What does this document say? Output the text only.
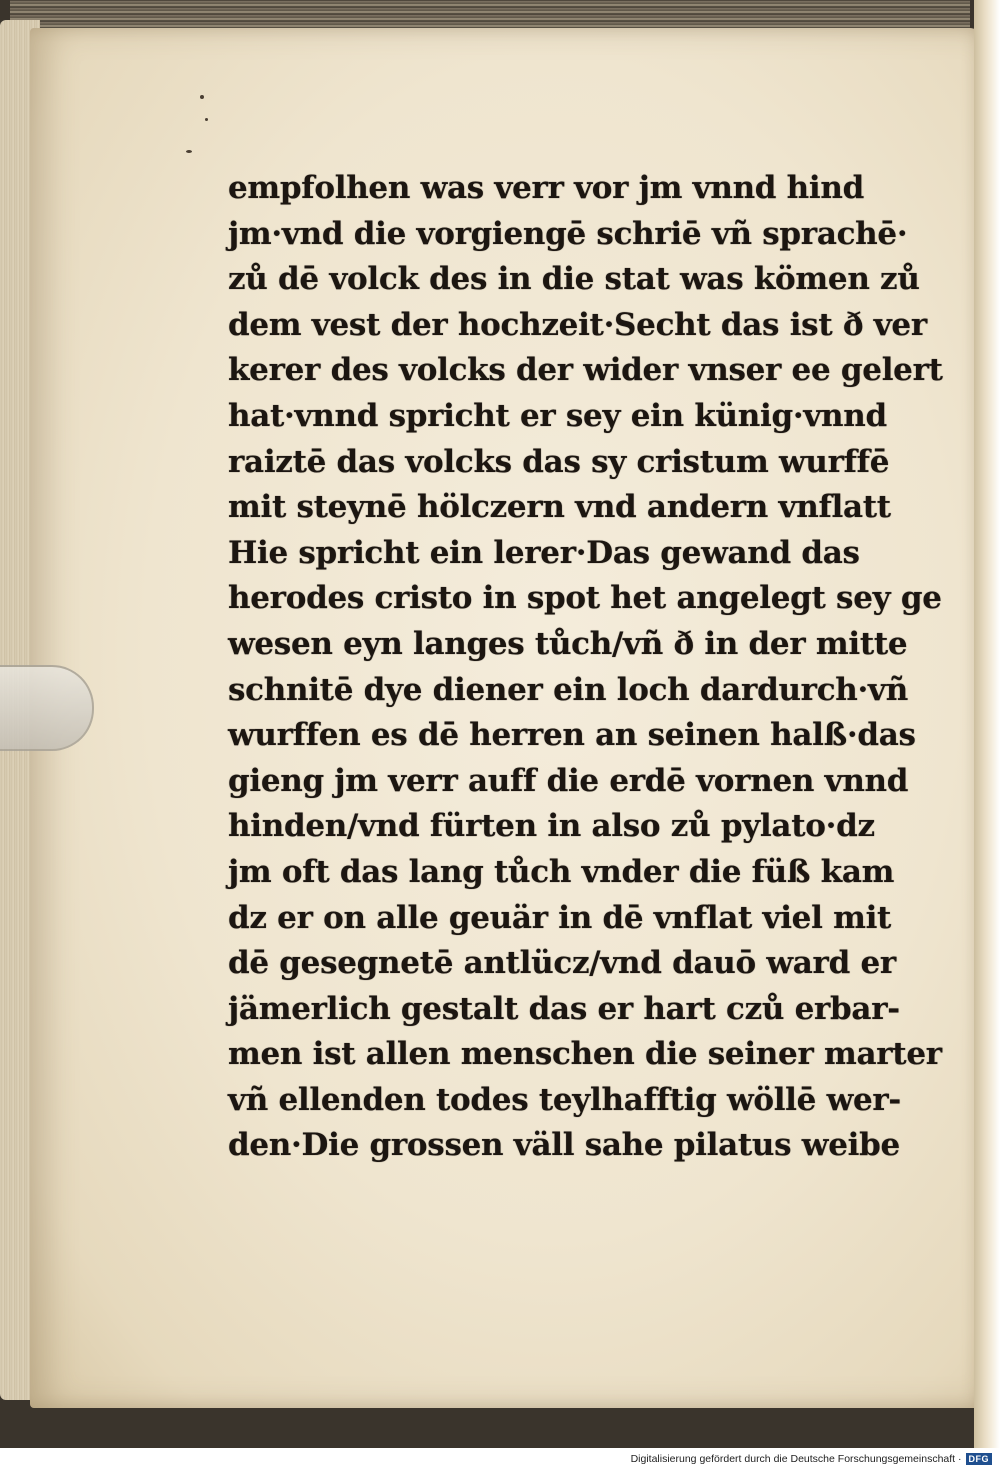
empfolhen was verr vor jm vnnd hind
jm·vnd die vorgiengē schriē vñ sprachē·
zů dē volck des in die stat was kömen zů
dem vest der hochzeit·Secht das ist ð ver
kerer des volcks der wider vnser ee gelert
hat·vnnd spricht er sey ein künig·vnnd
raiztē das volcks das sy cristum wurffē
mit steynē hölczern vnd andern vnflatt
Hie spricht ein lerer·Das gewand das
herodes cristo in spot het angelegt sey ge
wesen eyn langes tůch/vñ ð in der mitte
schnitē dye diener ein loch dardurch·vñ
wurffen es dē herren an seinen halß·das
gieng jm verr auff die erdē vornen vnnd
hinden/vnd fürten in also zů pylato·dz
jm oft das lang tůch vnder die füß kam
dz er on alle geuär in dē vnflat viel mit
dē gesegnetē antlücz/vnd dauō ward er
jämerlich gestalt das er hart czů erbar-
men ist allen menschen die seiner marter
vñ ellenden todes teylhafftig wöllē wer-
den·Die grossen väll sahe pilatus weibe
Digitalisierung gefördert durch die Deutsche Forschungsgemeinschaft · DFG
